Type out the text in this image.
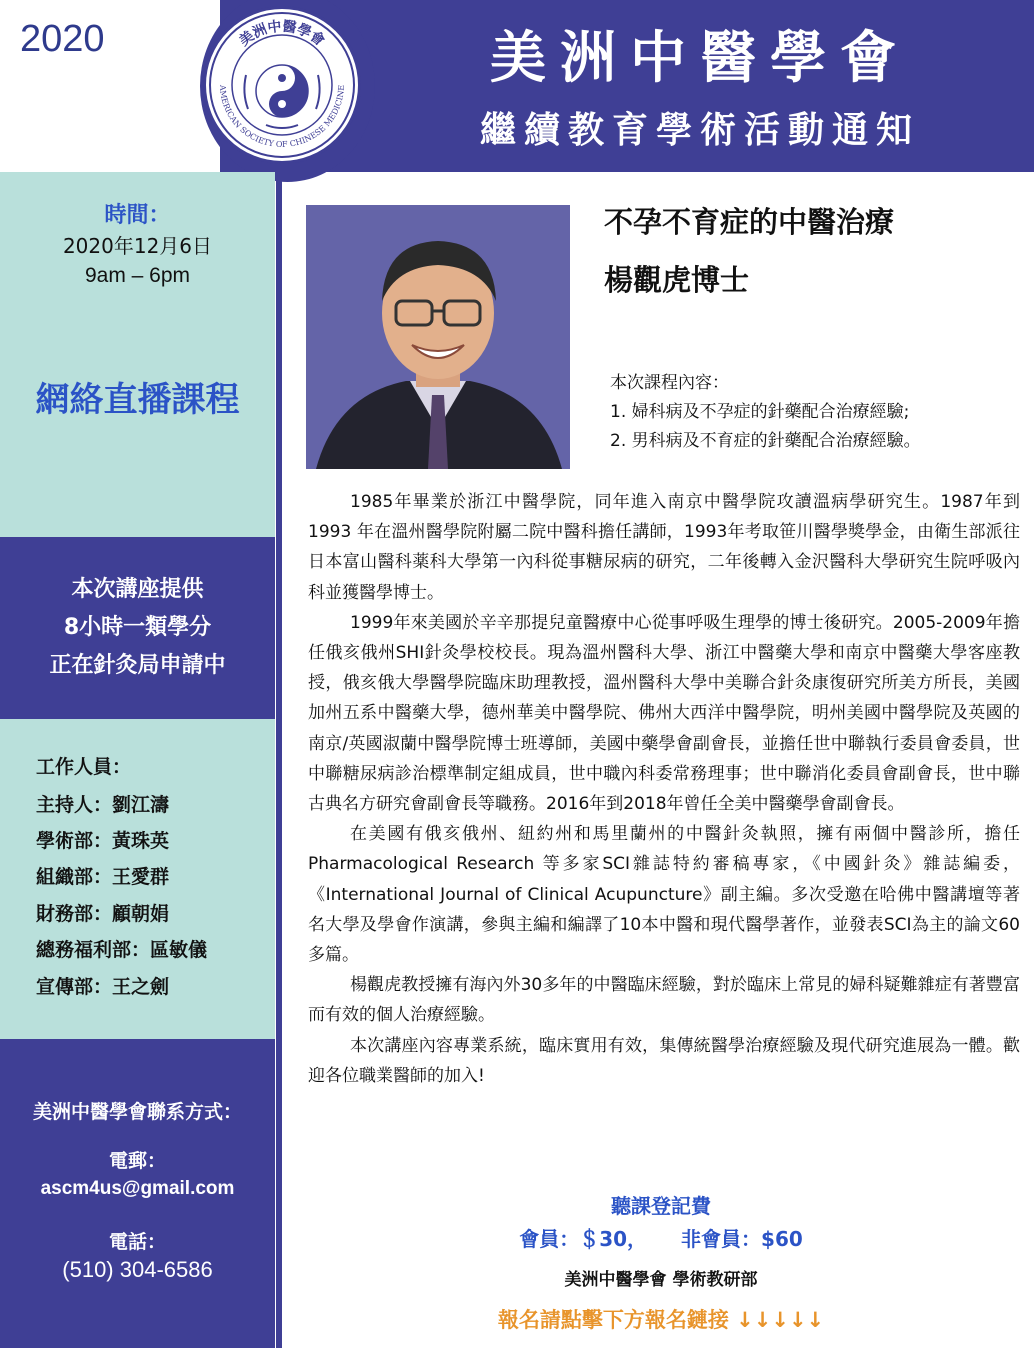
2020	美洲中醫學會
AMERICAN SOCIETY OF CHINESE MEDICINE	美洲中醫學會
繼續教育學術活動通知
時間：
2020年12月6日
9am – 6pm
網絡直播課程
本次講座提供
8小時一類學分
正在針灸局申請中
工作人員：
主持人：劉江濤
學術部：黃珠英
組織部：王愛群
財務部：顧朝娟
總務福利部：區敏儀
宣傳部：王之劍
美洲中醫學會聯系方式：
電郵：
ascm4us@gmail.com
電話：
(510) 304-6586
不孕不育症的中醫治療
楊觀虎博士
本次課程內容：
1. 婦科病及不孕症的針藥配合治療經驗;
2. 男科病及不育症的針藥配合治療經驗。

1985年畢業於浙江中醫學院，同年進入南京中醫學院攻讀溫病學研究生。1987年到1993 年在溫州醫學院附屬二院中醫科擔任講師，1993年考取笹川醫學獎學金，由衛生部派往日本富山醫科薬科大學第一內科從事糖尿病的研究，二年後轉入金沢醫科大學研究生院呼吸內科並獲醫學博士。

1999年來美國於辛辛那提兒童醫療中心從事呼吸生理學的博士後研究。2005-2009年擔任俄亥俄州SHI針灸學校校長。現為溫州醫科大學、浙江中醫藥大學和南京中醫藥大學客座教授，俄亥俄大學醫學院臨床助理教授，溫州醫科大學中美聯合針灸康復研究所美方所長，美國加州五系中醫藥大學，德州華美中醫學院、佛州大西洋中醫學院，明州美國中醫學院及英國的南京/英國淑蘭中醫學院博士班導師，美國中藥學會副會長，並擔任世中聯執行委員會委員，世中聯糖尿病診治標準制定組成員，世中職內科委常務理事；世中聯消化委員會副會長，世中聯古典名方研究會副會長等職務。2016年到2018年曾任全美中醫藥學會副會長。

在美國有俄亥俄州、紐約州和馬里蘭州的中醫針灸執照，擁有兩個中醫診所，擔任Pharmacological Research 等多家SCI雜誌特約審稿專家，《中國針灸》雜誌編委，《International Journal of Clinical Acupuncture》副主編。多次受邀在哈佛中醫講壇等著名大學及學會作演講，參與主編和編譯了10本中醫和現代醫學著作，並發表SCI為主的論文60多篇。

楊觀虎教授擁有海內外30多年的中醫臨床經驗，對於臨床上常見的婦科疑難雜症有著豐富而有效的個人治療經驗。

本次講座內容專業系統，臨床實用有效，集傳統醫學治療經驗及現代研究進展為一體。歡迎各位職業醫師的加入!

聽課登記費
會員：＄30， 非會員：$60
美洲中醫學會 學術教研部
報名請點擊下方報名鏈接 ↓↓↓↓↓
